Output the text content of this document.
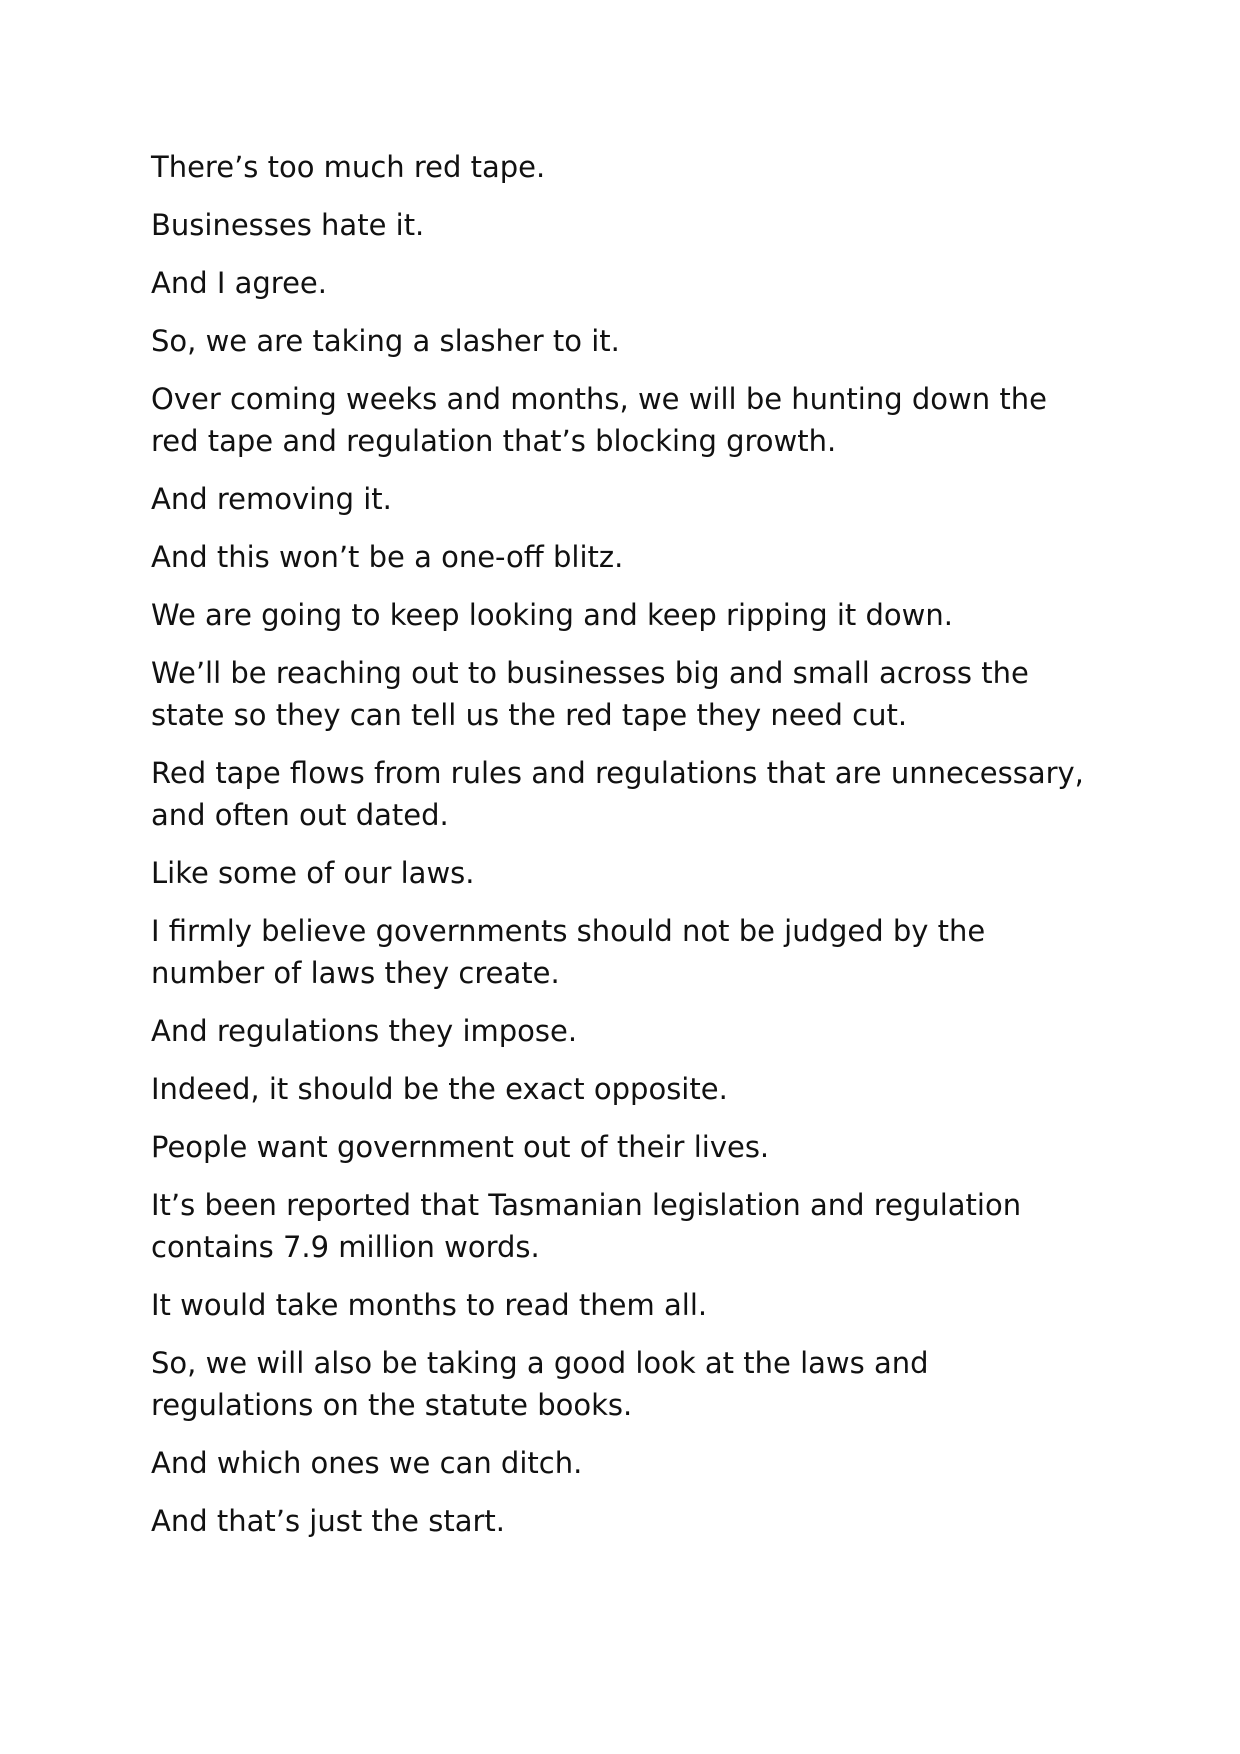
There’s too much red tape.

Businesses hate it.

And I agree.

So, we are taking a slasher to it.

Over coming weeks and months, we will be hunting down the red tape and regulation that’s blocking growth.

And removing it.

And this won’t be a one-off blitz.

We are going to keep looking and keep ripping it down.

We’ll be reaching out to businesses big and small across the state so they can tell us the red tape they need cut.

Red tape flows from rules and regulations that are unnecessary, and often out dated.

Like some of our laws.

I firmly believe governments should not be judged by the number of laws they create.

And regulations they impose.

Indeed, it should be the exact opposite.

People want government out of their lives.

It’s been reported that Tasmanian legislation and regulation contains 7.9 million words.

It would take months to read them all.

So, we will also be taking a good look at the laws and regulations on the statute books.

And which ones we can ditch.

And that’s just the start.
